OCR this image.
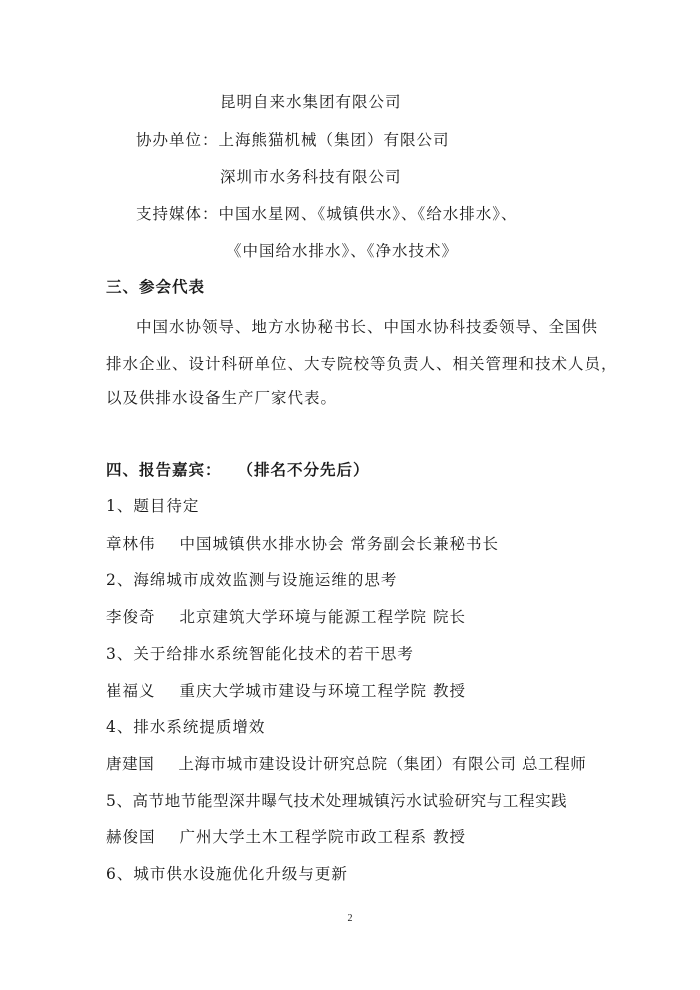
昆明自来水集团有限公司
协办单位：上海熊猫机械（集团）有限公司
深圳市水务科技有限公司
支持媒体：中国水星网、《城镇供水》、《给水排水》、
《中国给水排水》、《净水技术》
三、参会代表
中国水协领导、地方水协秘书长、中国水协科技委领导、全国供
排水企业、设计科研单位、大专院校等负责人、相关管理和技术人员，
以及供排水设备生产厂家代表。
四、报告嘉宾： （排名不分先后）
1、题目待定
章林伟 中国城镇供水排水协会 常务副会长兼秘书长
2、海绵城市成效监测与设施运维的思考
李俊奇 北京建筑大学环境与能源工程学院 院长
3、关于给排水系统智能化技术的若干思考
崔福义 重庆大学城市建设与环境工程学院 教授
4、排水系统提质增效
唐建国 上海市城市建设设计研究总院（集团）有限公司 总工程师
5、高节地节能型深井曝气技术处理城镇污水试验研究与工程实践
赫俊国 广州大学土木工程学院市政工程系 教授
6、城市供水设施优化升级与更新
2
